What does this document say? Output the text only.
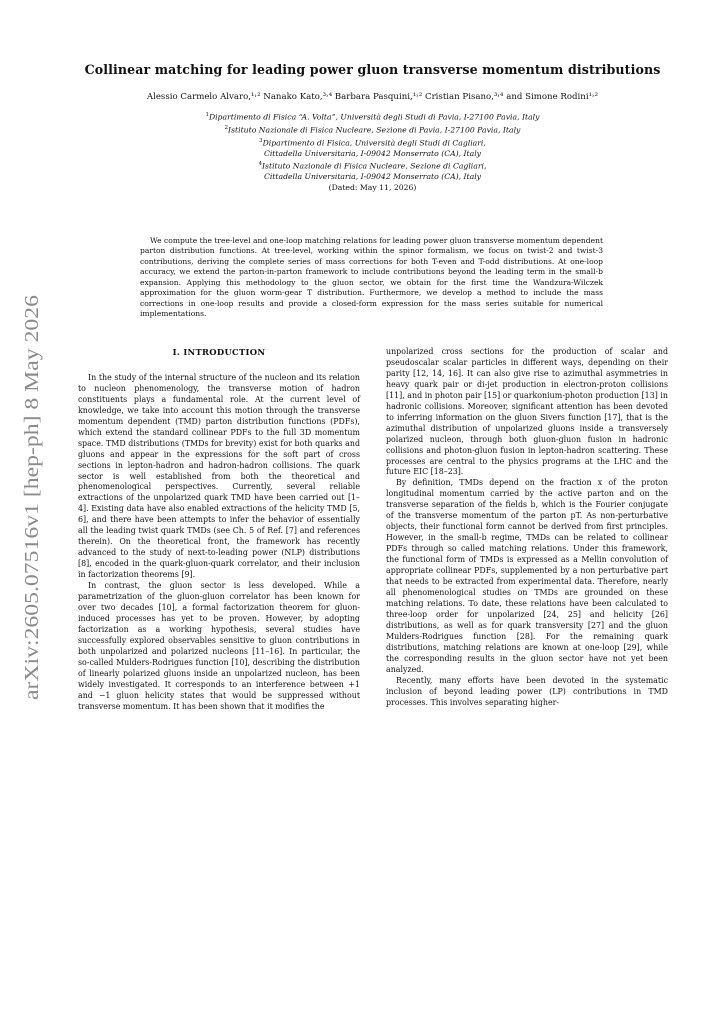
arXiv:2605.07516v1 [hep-ph] 8 May 2026
Collinear matching for leading power gluon transverse momentum distributions
Alessio Carmelo Alvaro,¹˒² Nanako Kato,³˒⁴ Barbara Pasquini,¹˒² Cristian Pisano,³˒⁴ and Simone Rodini¹˒²
$^1$Dipartimento di Fisica “A. Volta”, Università degli Studi di Pavia, I-27100 Pavia, Italy
$^2$Istituto Nazionale di Fisica Nucleare, Sezione di Pavia, I-27100 Pavia, Italy
$^3$Dipartimento di Fisica, Università degli Studi di Cagliari,
Cittadella Universitaria, I-09042 Monserrato (CA), Italy
$^4$Istituto Nazionale di Fisica Nucleare, Sezione di Cagliari,
Cittadella Universitaria, I-09042 Monserrato (CA), Italy
(Dated: May 11, 2026)
We compute the tree-level and one-loop matching relations for leading power gluon transverse momentum dependent parton distribution functions. At tree-level, working within the spinor formalism, we focus on twist-2 and twist-3 contributions, deriving the complete series of mass corrections for both T-even and T-odd distributions. At one-loop accuracy, we extend the parton-in-parton framework to include contributions beyond the leading term in the small-b expansion. Applying this methodology to the gluon sector, we obtain for the first time the Wandzura-Wilczek approximation for the gluon worm-gear T distribution. Furthermore, we develop a method to include the mass corrections in one-loop results and provide a closed-form expression for the mass series suitable for numerical implementations.
I. INTRODUCTION

In the study of the internal structure of the nucleon and its relation to nucleon phenomenology, the transverse motion of hadron constituents plays a fundamental role. At the current level of knowledge, we take into account this motion through the transverse momentum dependent (TMD) parton distribution functions (PDFs), which extend the standard collinear PDFs to the full 3D momentum space. TMD distributions (TMDs for brevity) exist for both quarks and gluons and appear in the expressions for the soft part of cross sections in lepton-hadron and hadron-hadron collisions. The quark sector is well established from both the theoretical and phenomenological perspectives. Currently, several reliable extractions of the unpolarized quark TMD have been carried out [1–4]. Existing data have also enabled extractions of the helicity TMD [5, 6], and there have been attempts to infer the behavior of essentially all the leading twist quark TMDs (see Ch. 5 of Ref. [7] and references therein). On the theoretical front, the framework has recently advanced to the study of next-to-leading power (NLP) distributions [8], encoded in the quark-gluon-quark correlator, and their inclusion in factorization theorems [9].

In contrast, the gluon sector is less developed. While a parametrization of the gluon-gluon correlator has been known for over two decades [10], a formal factorization theorem for gluon-induced processes has yet to be proven. However, by adopting factorization as a working hypothesis, several studies have successfully explored observables sensitive to gluon contributions in both unpolarized and polarized nucleons [11–16]. In particular, the so-called Mulders-Rodrigues function [10], describing the distribution of linearly polarized gluons inside an unpolarized nucleon, has been widely investigated. It corresponds to an interference between +1 and −1 gluon helicity states that would be suppressed without transverse momentum. It has been shown that it modifies the

unpolarized cross sections for the production of scalar and pseudoscalar scalar particles in different ways, depending on their parity [12, 14, 16]. It can also give rise to azimuthal asymmetries in heavy quark pair or di-jet production in electron-proton collisions [11], and in photon pair [15] or quarkonium-photon production [13] in hadronic collisions. Moreover, significant attention has been devoted to inferring information on the gluon Sivers function [17], that is the azimuthal distribution of unpolarized gluons inside a transversely polarized nucleon, through both gluon-gluon fusion in hadronic collisions and photon-gluon fusion in lepton-hadron scattering. These processes are central to the physics programs at the LHC and the future EIC [18–23].

By definition, TMDs depend on the fraction x of the proton longitudinal momentum carried by the active parton and on the transverse separation of the fields b, which is the Fourier conjugate of the transverse momentum of the parton pT. As non-perturbative objects, their functional form cannot be derived from first principles. However, in the small-b regime, TMDs can be related to collinear PDFs through so called matching relations. Under this framework, the functional form of TMDs is expressed as a Mellin convolution of appropriate collinear PDFs, supplemented by a non perturbative part that needs to be extracted from experimental data. Therefore, nearly all phenomenological studies on TMDs are grounded on these matching relations. To date, these relations have been calculated to three-loop order for unpolarized [24, 25] and helicity [26] distributions, as well as for quark transversity [27] and the gluon Mulders-Rodrigues function [28]. For the remaining quark distributions, matching relations are known at one-loop [29], while the corresponding results in the gluon sector have not yet been analyzed.

Recently, many efforts have been devoted in the systematic inclusion of beyond leading power (LP) contributions in TMD processes. This involves separating higher-
